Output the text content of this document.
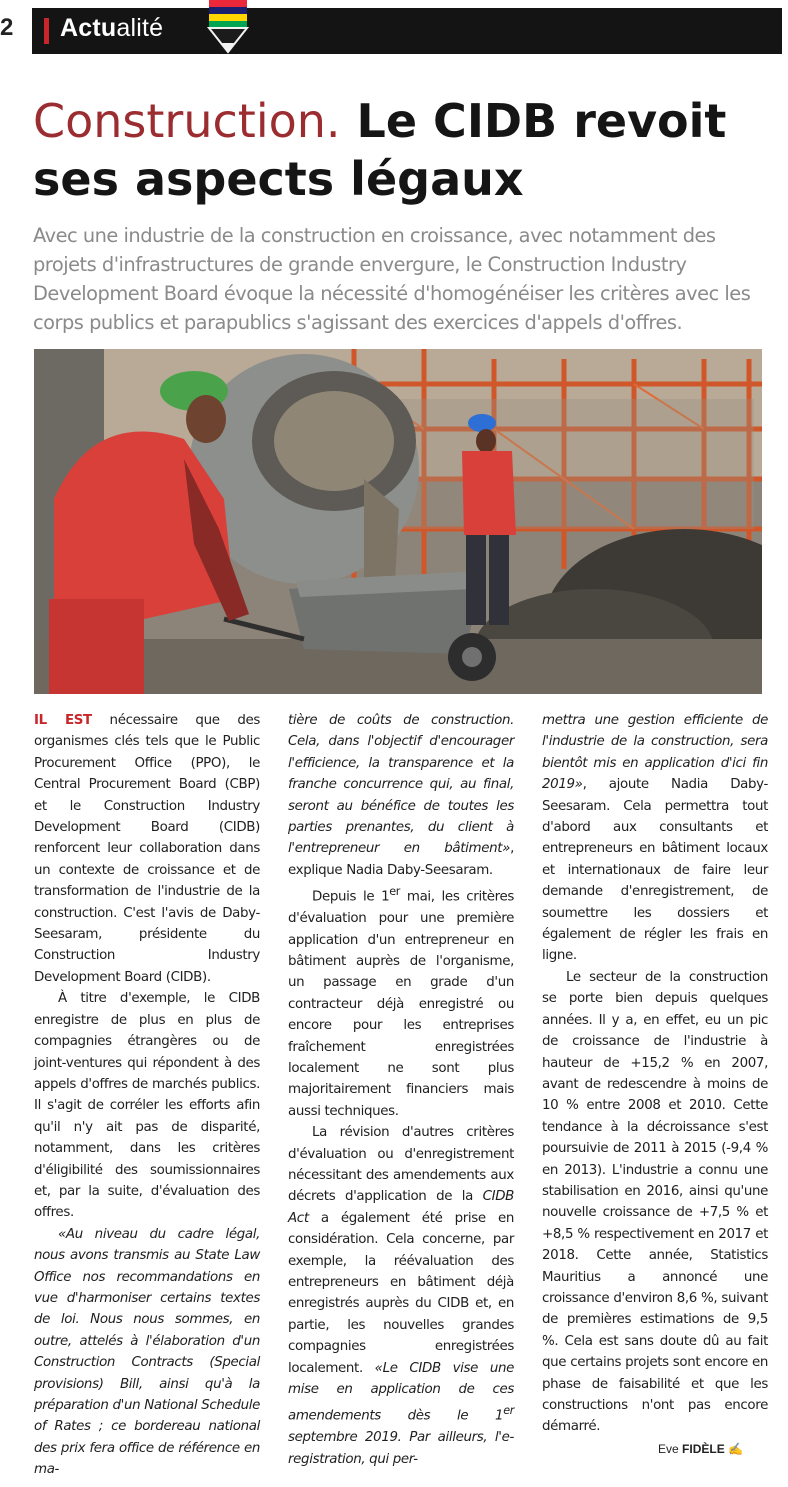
2 Actualité
Construction. Le CIDB revoit ses aspects légaux

Avec une industrie de la construction en croissance, avec notamment des projets d'infrastructures de grande envergure, le Construction Industry Development Board évoque la nécessité d'homogénéiser les critères avec les corps publics et parapublics s'agissant des exercices d'appels d'offres.

IL EST nécessaire que des organismes clés tels que le Public Procurement Office (PPO), le Central Procurement Board (CBP) et le Construction Industry Development Board (CIDB) renforcent leur collaboration dans un contexte de croissance et de transformation de l'industrie de la construction. C'est l'avis de Daby-Seesaram, présidente du Construction Industry Development Board (CIDB).

À titre d'exemple, le CIDB enregistre de plus en plus de compagnies étrangères ou de joint-ventures qui répondent à des appels d'offres de marchés publics. Il s'agit de corréler les efforts afin qu'il n'y ait pas de disparité, notamment, dans les critères d'éligibilité des soumissionnaires et, par la suite, d'évaluation des offres.

«Au niveau du cadre légal, nous avons transmis au State Law Office nos recommandations en vue d'harmoniser certains textes de loi. Nous nous sommes, en outre, attelés à l'élaboration d'un Construction Contracts (Special provisions) Bill, ainsi qu'à la préparation d'un National Schedule of Rates ; ce bordereau national des prix fera office de référence en ma-

tière de coûts de construction. Cela, dans l'objectif d'encourager l'efficience, la transparence et la franche concurrence qui, au final, seront au bénéfice de toutes les parties prenantes, du client à l'entrepreneur en bâtiment», explique Nadia Daby-Seesaram.

Depuis le 1er mai, les critères d'évaluation pour une première application d'un entrepreneur en bâtiment auprès de l'organisme, un passage en grade d'un contracteur déjà enregistré ou encore pour les entreprises fraîchement enregistrées localement ne sont plus majoritairement financiers mais aussi techniques.

La révision d'autres critères d'évaluation ou d'enregistrement nécessitant des amendements aux décrets d'application de la CIDB Act a également été prise en considération. Cela concerne, par exemple, la réévaluation des entrepreneurs en bâtiment déjà enregistrés auprès du CIDB et, en partie, les nouvelles grandes compagnies enregistrées localement. «Le CIDB vise une mise en application de ces amendements dès le 1er septembre 2019. Par ailleurs, l'e-registration, qui per-

mettra une gestion efficiente de l'industrie de la construction, sera bientôt mis en application d'ici fin 2019», ajoute Nadia Daby-Seesaram. Cela permettra tout d'abord aux consultants et entrepreneurs en bâtiment locaux et internationaux de faire leur demande d'enregistrement, de soumettre les dossiers et également de régler les frais en ligne.

Le secteur de la construction se porte bien depuis quelques années. Il y a, en effet, eu un pic de croissance de l'industrie à hauteur de +15,2 % en 2007, avant de redescendre à moins de 10 % entre 2008 et 2010. Cette tendance à la décroissance s'est poursuivie de 2011 à 2015 (-9,4 % en 2013). L'industrie a connu une stabilisation en 2016, ainsi qu'une nouvelle croissance de +7,5 % et +8,5 % respectivement en 2017 et 2018. Cette année, Statistics Mauritius a annoncé une croissance d'environ 8,6 %, suivant de premières estimations de 9,5 %. Cela est sans doute dû au fait que certains projets sont encore en phase de faisabilité et que les constructions n'ont pas encore démarré.

Eve FIDÈLE ✍
